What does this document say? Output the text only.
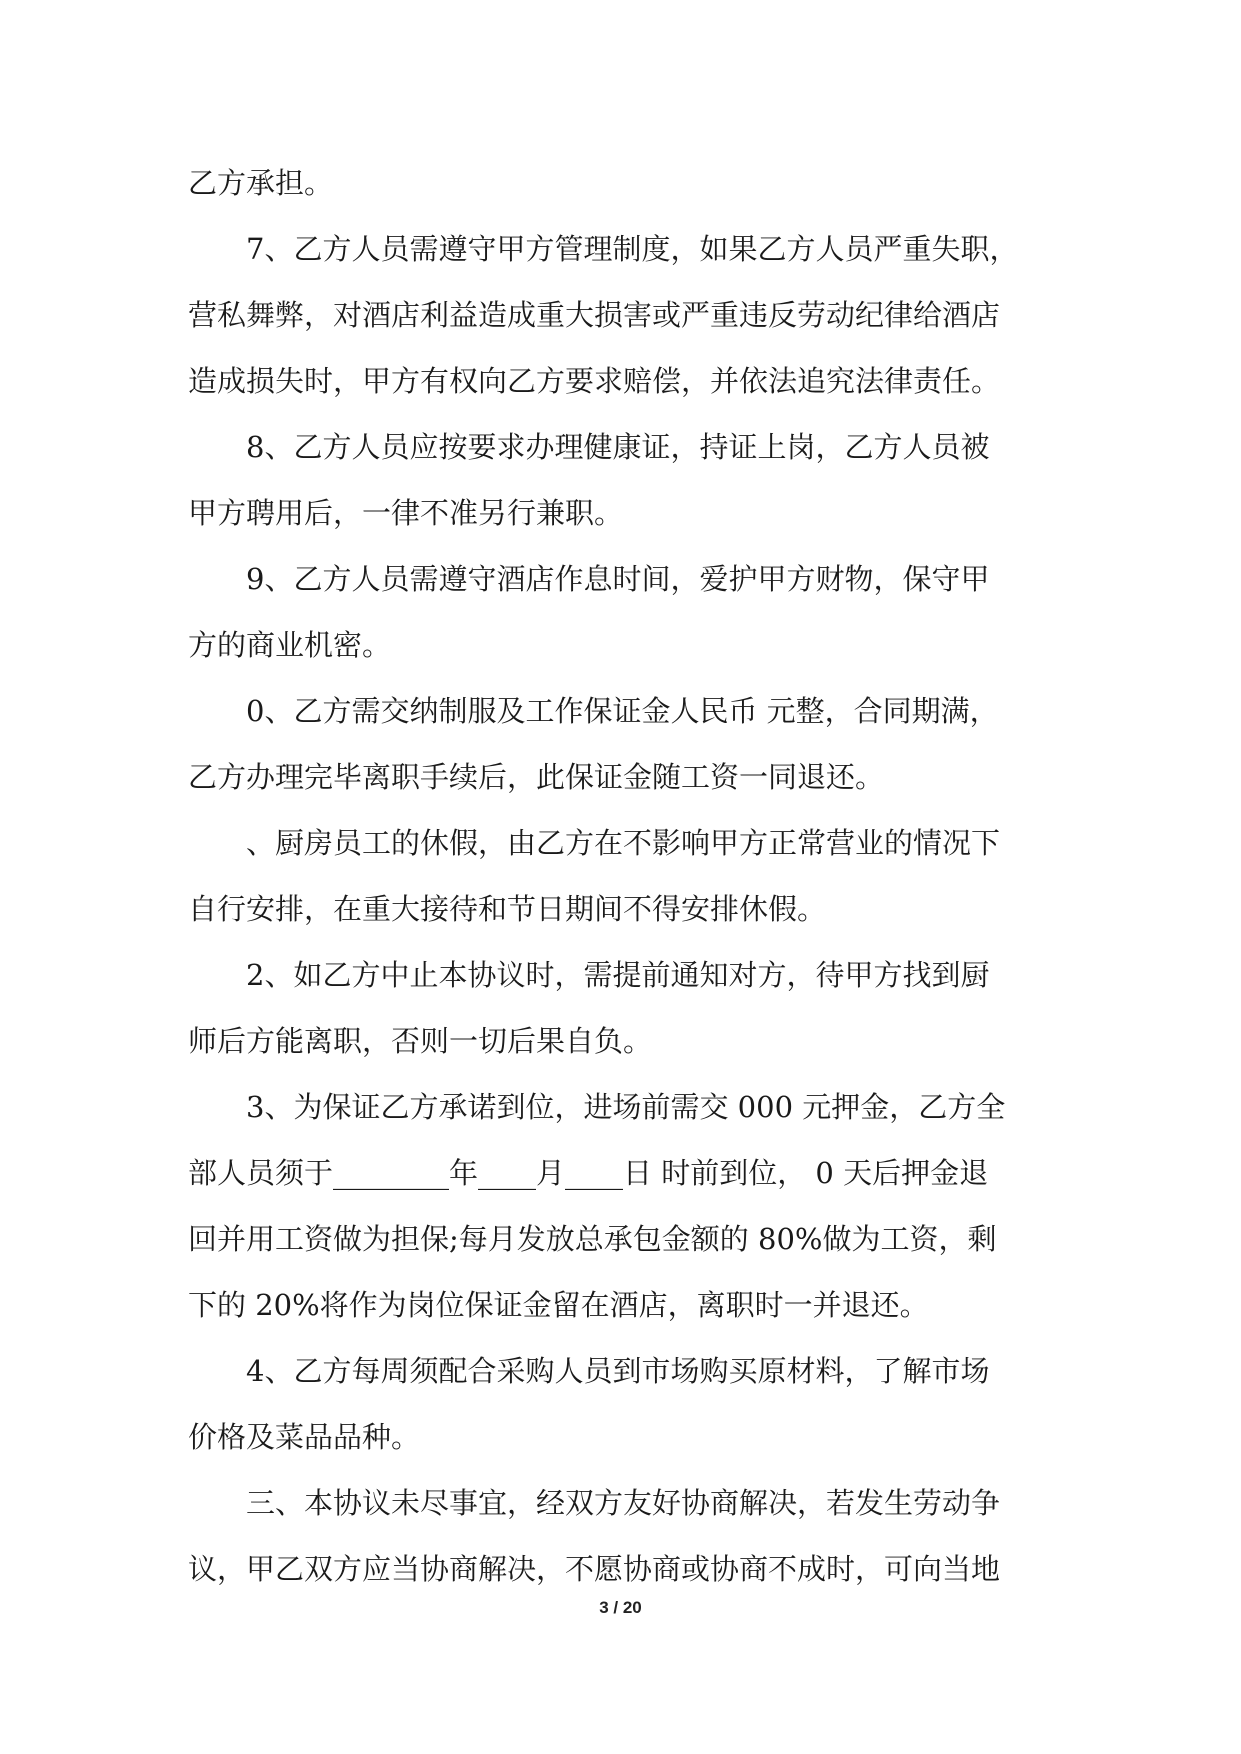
乙方承担。
7、乙方人员需遵守甲方管理制度，如果乙方人员严重失职，
营私舞弊，对酒店利益造成重大损害或严重违反劳动纪律给酒店
造成损失时，甲方有权向乙方要求赔偿，并依法追究法律责任。
8、乙方人员应按要求办理健康证，持证上岗，乙方人员被
甲方聘用后，一律不准另行兼职。
9、乙方人员需遵守酒店作息时间，爱护甲方财物，保守甲
方的商业机密。
0、乙方需交纳制服及工作保证金人民币 元整，合同期满，
乙方办理完毕离职手续后，此保证金随工资一同退还。
、厨房员工的休假，由乙方在不影响甲方正常营业的情况下
自行安排，在重大接待和节日期间不得安排休假。
2、如乙方中止本协议时，需提前通知对方，待甲方找到厨
师后方能离职，否则一切后果自负。
3、为保证乙方承诺到位，进场前需交 000 元押金，乙方全
部人员须于________年____月____日 时前到位， 0 天后押金退
回并用工资做为担保;每月发放总承包金额的 80%做为工资，剩
下的 20%将作为岗位保证金留在酒店，离职时一并退还。
4、乙方每周须配合采购人员到市场购买原材料，了解市场
价格及菜品品种。
三、本协议未尽事宜，经双方友好协商解决，若发生劳动争
议，甲乙双方应当协商解决，不愿协商或协商不成时，可向当地
3 / 20
